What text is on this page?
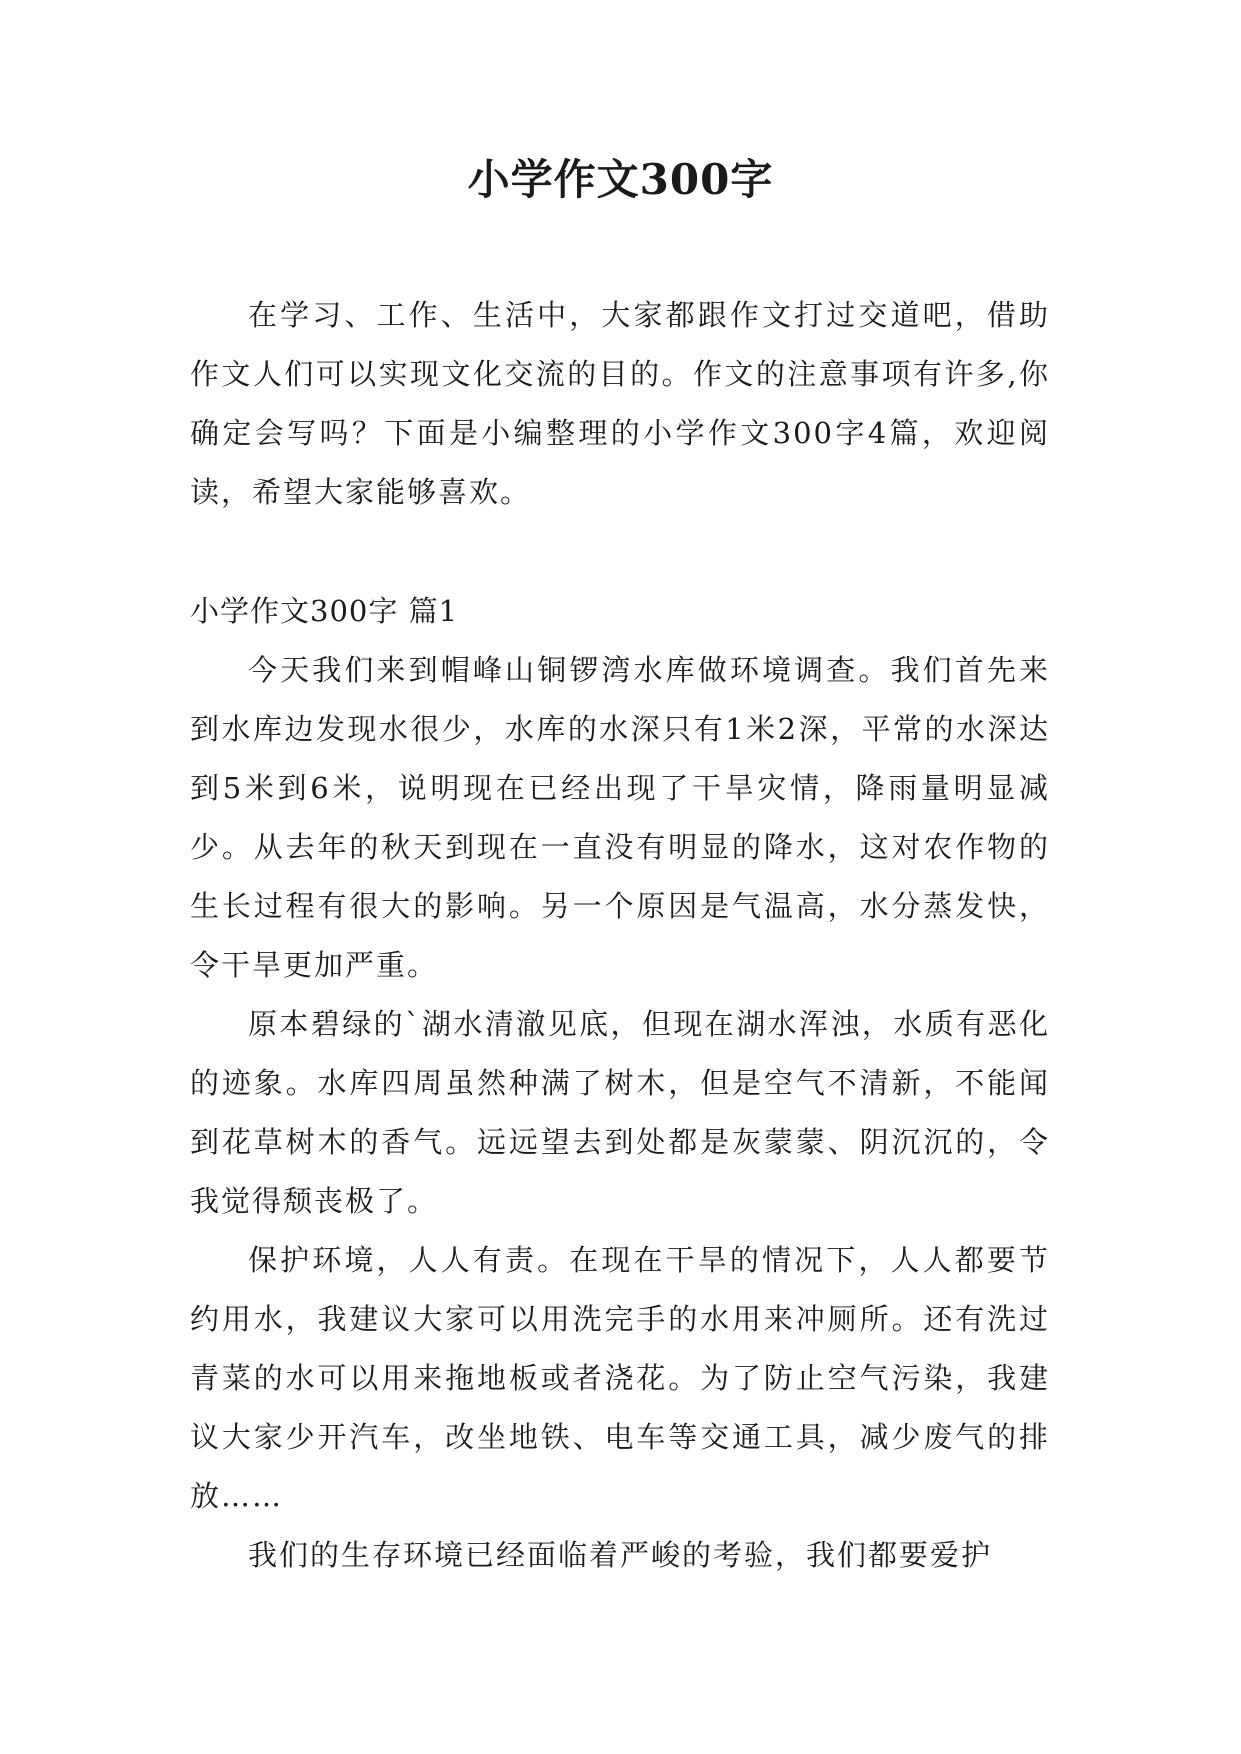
小学作文300字

在学习、工作、生活中，大家都跟作文打过交道吧，借助作文人们可以实现文化交流的目的。作文的注意事项有许多,你确定会写吗？下面是小编整理的小学作文300字4篇，欢迎阅读，希望大家能够喜欢。

小学作文300字 篇1

今天我们来到帽峰山铜锣湾水库做环境调查。我们首先来到水库边发现水很少，水库的水深只有1米2深，平常的水深达到5米到6米，说明现在已经出现了干旱灾情，降雨量明显减少。从去年的秋天到现在一直没有明显的降水，这对农作物的生长过程有很大的影响。另一个原因是气温高，水分蒸发快，令干旱更加严重。

原本碧绿的`湖水清澈见底，但现在湖水浑浊，水质有恶化的迹象。水库四周虽然种满了树木，但是空气不清新，不能闻到花草树木的香气。远远望去到处都是灰蒙蒙、阴沉沉的，令我觉得颓丧极了。

保护环境，人人有责。在现在干旱的情况下，人人都要节约用水，我建议大家可以用洗完手的水用来冲厕所。还有洗过青菜的水可以用来拖地板或者浇花。为了防止空气污染，我建议大家少开汽车，改坐地铁、电车等交通工具，减少废气的排放……

我们的生存环境已经面临着严峻的考验，我们都要爱护
